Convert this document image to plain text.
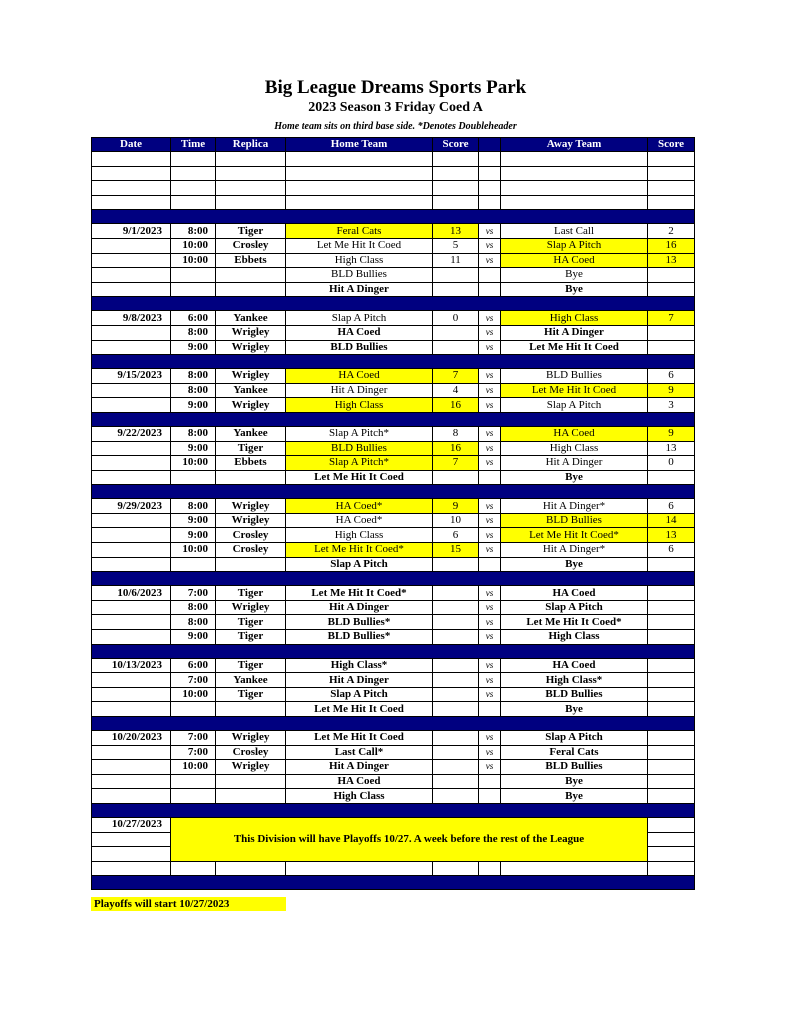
Big League Dreams Sports Park
2023 Season 3 Friday Coed A
Home team sits on third base side. *Denotes Doubleheader
Date	Time	Replica	Home Team	Score		Away Team	Score

9/1/2023	8:00	Tiger	Feral Cats	13	vs	Last Call	2
	10:00	Crosley	Let Me Hit It Coed	5	vs	Slap A Pitch	16
	10:00	Ebbets	High Class	11	vs	HA Coed	13
			BLD Bullies			Bye	
			Hit A Dinger			Bye	

9/8/2023	6:00	Yankee	Slap A Pitch	0	vs	High Class	7
	8:00	Wrigley	HA Coed		vs	Hit A Dinger	
	9:00	Wrigley	BLD Bullies		vs	Let Me Hit It Coed	

9/15/2023	8:00	Wrigley	HA Coed	7	vs	BLD Bullies	6
	8:00	Yankee	Hit A Dinger	4	vs	Let Me Hit It Coed	9
	9:00	Wrigley	High Class	16	vs	Slap A Pitch	3

9/22/2023	8:00	Yankee	Slap A Pitch*	8	vs	HA Coed	9
	9:00	Tiger	BLD Bullies	16	vs	High Class	13
	10:00	Ebbets	Slap A Pitch*	7	vs	Hit A Dinger	0
			Let Me Hit It Coed			Bye	

9/29/2023	8:00	Wrigley	HA Coed*	9	vs	Hit A Dinger*	6
	9:00	Wrigley	HA Coed*	10	vs	BLD Bullies	14
	9:00	Crosley	High Class	6	vs	Let Me Hit It Coed*	13
	10:00	Crosley	Let Me Hit It Coed*	15	vs	Hit A Dinger*	6
			Slap A Pitch			Bye	

10/6/2023	7:00	Tiger	Let Me Hit It Coed*		vs	HA Coed	
	8:00	Wrigley	Hit A Dinger		vs	Slap A Pitch	
	8:00	Tiger	BLD Bullies*		vs	Let Me Hit It Coed*	
	9:00	Tiger	BLD Bullies*		vs	High Class	

10/13/2023	6:00	Tiger	High Class*		vs	HA Coed	
	7:00	Yankee	Hit A Dinger		vs	High Class*	
	10:00	Tiger	Slap A Pitch		vs	BLD Bullies	
			Let Me Hit It Coed			Bye	

10/20/2023	7:00	Wrigley	Let Me Hit It Coed		vs	Slap A Pitch	
	7:00	Crosley	Last Call*		vs	Feral Cats	
	10:00	Wrigley	Hit A Dinger		vs	BLD Bullies	
			HA Coed			Bye	
			High Class			Bye	

10/27/2023	This Division will have Playoffs 10/27. A week before the rest of the League						

Playoffs will start 10/27/2023
